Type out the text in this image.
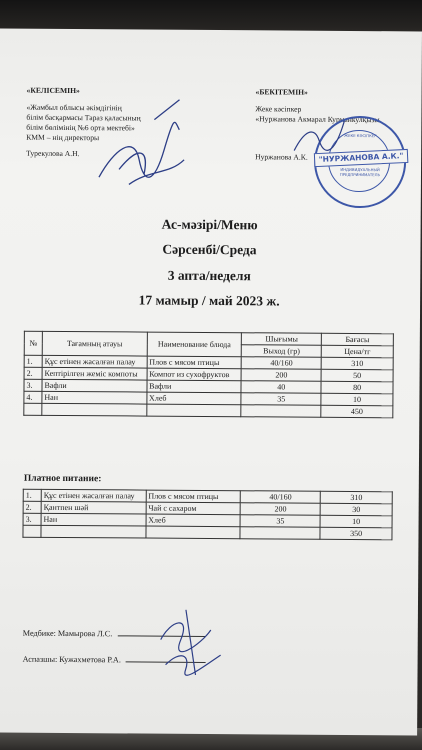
«КЕЛІСЕМІН»
«Жамбыл облысы әкімдігінің
білім басқармасы Тараз қаласының
білім бөлімінің №6 орта мектебі»
КММ – нің директоры
Турекулова А.Н.
«БЕКІТЕМІН»
Жеке кәсіпкер
«Нуржанова Акмарал Курманкулқызы
Нуржанова А.К.
ЖЕКЕ КӘСІПКЕР
"НУРЖАНОВА А.К."
ИНДИВИДУАЛЬНЫЙ ПРЕДПРИНИМАТЕЛЬ
Ас-мәзірі/Меню
Сәрсенбі/Среда
3 апта/неделя
17 мамыр / май 2023 ж.
№	Тағамның атауы	Наименование блюда	Шығымы	Бағасы
			Выход (гр)	Цена/тг
1.	Құс етінен жасалған палау	Плов с мясом птицы	40/160	310
2.	Кептірілген жеміс компоты	Компот из сухофруктов	200	50
3.	Вафли	Вафли	40	80
4.	Нан	Хлеб	35	10
				450
Платное питание:
1.	Құс етінен жасалған палау	Плов с мясом птицы	40/160	310
2.	Қантпен шәй	Чай с сахаром	200	30
3.	Нан	Хлеб	35	10
				350
Медбике: Мамырова Л.С.
Аспазшы: Кужахметова Р.А.
